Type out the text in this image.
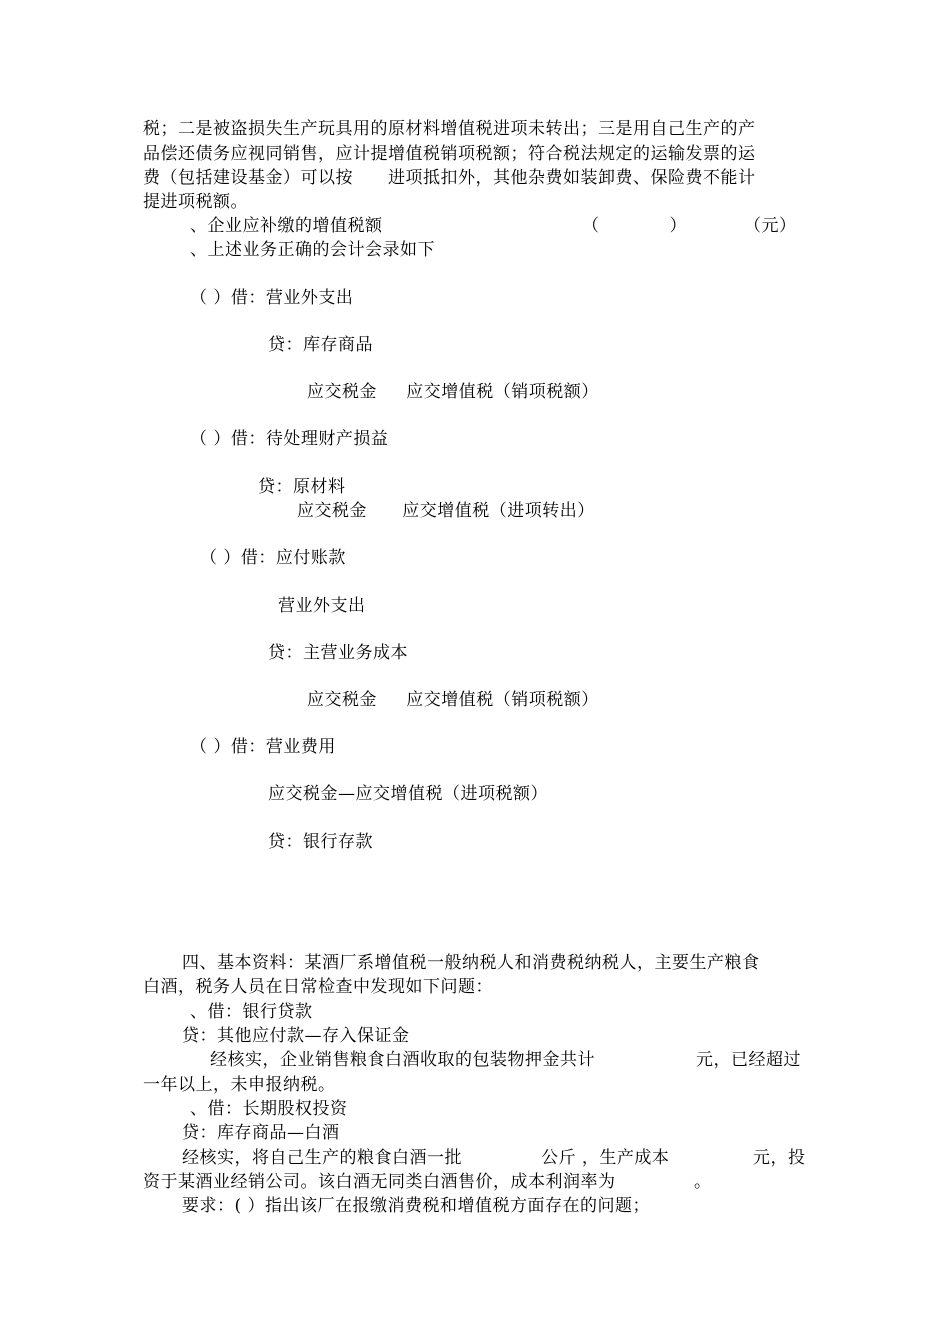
税；二是被盗损失生产玩具用的原材料增值税进项未转出；三是用自己生产的产
品偿还债务应视同销售，应计提增值税销项税额；符合税法规定的运输发票的运
费（包括建设基金）可以按　　进项抵扣外，其他杂费如装卸费、保险费不能计
提进项税额。
、企业应补缴的增值税额	（　　　　）	（元）
、上述业务正确的会计会录如下
（ ）借：营业外支出
贷：库存商品
应交税金　  应交增值税（销项税额）
（ ）借：待处理财产损益
贷：原材料
应交税金　   应交增值税（进项转出）
（ ）借：应付账款
营业外支出
贷：主营业务成本
应交税金　  应交增值税（销项税额）
（ ）借：营业费用
应交税金—应交增值税（进项税额）
贷：银行存款
四、基本资料：某酒厂系增值税一般纳税人和消费税纳税人，主要生产粮食
白酒，税务人员在日常检查中发现如下问题：
、借：银行贷款
贷：其他应付款—存入保证金
经核实，企业销售粮食白酒收取的包装物押金共计	元，已经超过
一年以上，未申报纳税。
、借：长期股权投资
贷：库存商品—白酒
经核实，将自己生产的粮食白酒一批	公斤 ，生产成本	元，投
资于某酒业经销公司。该白酒无同类白酒售价，成本利润率为	。
要求：( ）指出该厂在报缴消费税和增值税方面存在的问题；
